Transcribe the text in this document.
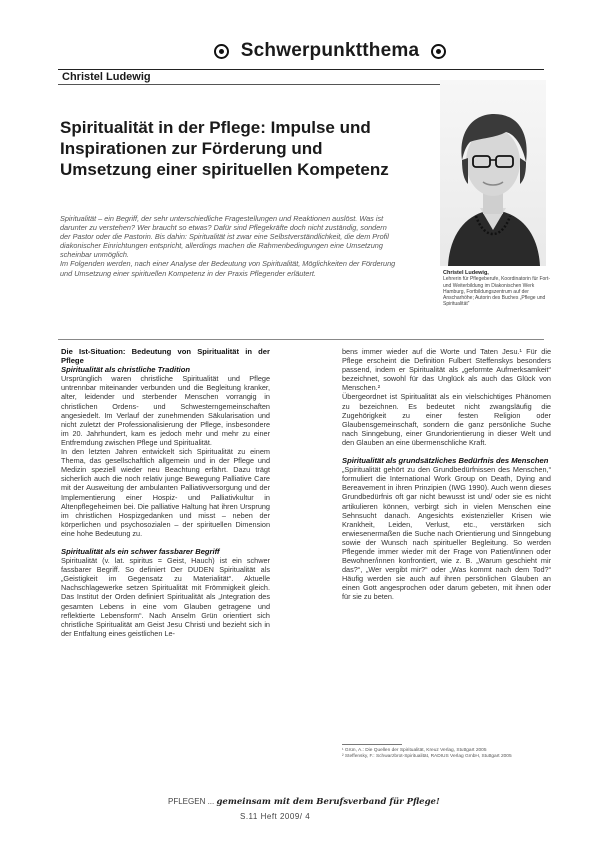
Schwerpunktthema
Christel Ludewig
Spiritualität in der Pflege: Impulse und Inspirationen zur Förderung und Umsetzung einer spirituellen Kompetenz
Christel Ludewig,
Lehrerin für Pflegeberufe, Koordinatorin für Fort- und Weiterbildung im Diakonischen Werk Hamburg, Fortbildungszentrum auf der Anscharhöhe; Autorin des Buches „Pflege und Spiritualität“

Spiritualität – ein Begriff, der sehr unterschiedliche Fragestellungen und Reaktionen auslöst. Was ist darunter zu verstehen? Wer braucht so etwas? Dafür sind Pflegekräfte doch nicht zuständig, sondern der Pastor oder die Pastorin. Bis dahin: Spiritualität ist zwar eine Selbstverständlichkeit, die dem Profil diakonischer Einrichtungen entspricht, allerdings machen die Rahmenbedingungen eine Umsetzung scheinbar unmöglich.

Im Folgenden werden, nach einer Analyse der Bedeutung von Spiritualität, Möglichkeiten der Förderung und Umsetzung einer spirituellen Kompetenz in der Praxis Pflegender erläutert.

Die Ist-Situation: Bedeutung von Spiritualität in der Pflege

Spiritualität als christliche Tradition

Ursprünglich waren christliche Spiritualität und Pflege untrennbar miteinander verbunden und die Begleitung kranker, alter, leidender und sterbender Menschen vorrangig in christlichen Ordens- und Schwesterngemeinschaften angesiedelt. Im Verlauf der zunehmenden Säkularisation und nicht zuletzt der Professionalisierung der Pflege, insbesondere im 20. Jahrhundert, kam es jedoch mehr und mehr zu einer Entfremdung zwischen Pflege und Spiritualität.

In den letzten Jahren entwickelt sich Spiritualität zu einem Thema, das gesellschaftlich allgemein und in der Pflege und Medizin speziell wieder neu Beachtung erfährt. Dazu trägt sicherlich auch die noch relativ junge Bewegung Palliative Care mit der Ausweitung der ambulanten Palliativversorgung und der Implementierung einer Hospiz- und Palliativkultur in Altenpflegeheimen bei. Die palliative Haltung hat ihren Ursprung im christlichen Hospizgedanken und misst – neben der körperlichen und psychosozialen – der spirituellen Dimension eine hohe Bedeutung zu.

Spiritualität als ein schwer fassbarer Begriff

Spiritualität (v. lat. spiritus = Geist, Hauch) ist ein schwer fassbarer Begriff. So definiert Der DUDEN Spiritualität als „Geistigkeit im Gegensatz zu Materialität“. Aktuelle Nachschlagewerke setzen Spiritualität mit Frömmigkeit gleich. Das Institut der Orden definiert Spiritualität als „Integration des gesamten Lebens in eine vom Glauben getragene und reflektierte Lebensform“. Nach Anselm Grün orientiert sich christliche Spiritualität am Geist Jesu Christi und bezieht sich in der Entfaltung eines geistlichen Le-

bens immer wieder auf die Worte und Taten Jesu.¹ Für die Pflege erscheint die Definition Fulbert Steffenskys besonders passend, indem er Spiritualität als „geformte Aufmerksamkeit“ bezeichnet, sowohl für das Unglück als auch das Glück von Menschen.²

Übergeordnet ist Spiritualität als ein vielschichtiges Phänomen zu bezeichnen. Es bedeutet nicht zwangsläufig die Zugehörigkeit zu einer festen Religion oder Glaubensgemeinschaft, sondern die ganz persönliche Suche nach Sinngebung, einer Grundorientierung in dieser Welt und den Glauben an eine übermenschliche Kraft.

Spiritualität als grundsätzliches Bedürfnis des Menschen

„Spiritualität gehört zu den Grundbedürfnissen des Menschen,“ formuliert die International Work Group on Death, Dying and Bereavement in ihren Prinzipien (IWG 1990). Auch wenn dieses Grundbedürfnis oft gar nicht bewusst ist und/ oder sie es nicht artikulieren können, verbirgt sich in vielen Menschen eine Sehnsucht danach. Angesichts existenzieller Krisen wie Krankheit, Leiden, Verlust, etc., verstärken sich erwiesenermaßen die Suche nach Orientierung und Sinngebung sowie der Wunsch nach spiritueller Begleitung. So werden Pflegende immer wieder mit der Frage von Patient/innen oder Bewohner/innen konfrontiert, wie z. B. „Warum geschieht mir das?“, „Wer vergibt mir?“ oder „Was kommt nach dem Tod?“ Häufig werden sie auch auf ihren persönlichen Glauben an einen Gott angesprochen oder darum gebeten, mit ihnen oder für sie zu beten.

¹ Grün, A.: Die Quellen der Spiritualität, Kreuz Verlag, Stuttgart 2005

² Steffensky, F.: Schwarzbrot-Spiritualität, RADIUS Verlag GmbH, Stuttgart 2005

PFLEGEN ... gemeinsam mit dem Berufsverband für Pflege!
S.11 Heft 2009/ 4
